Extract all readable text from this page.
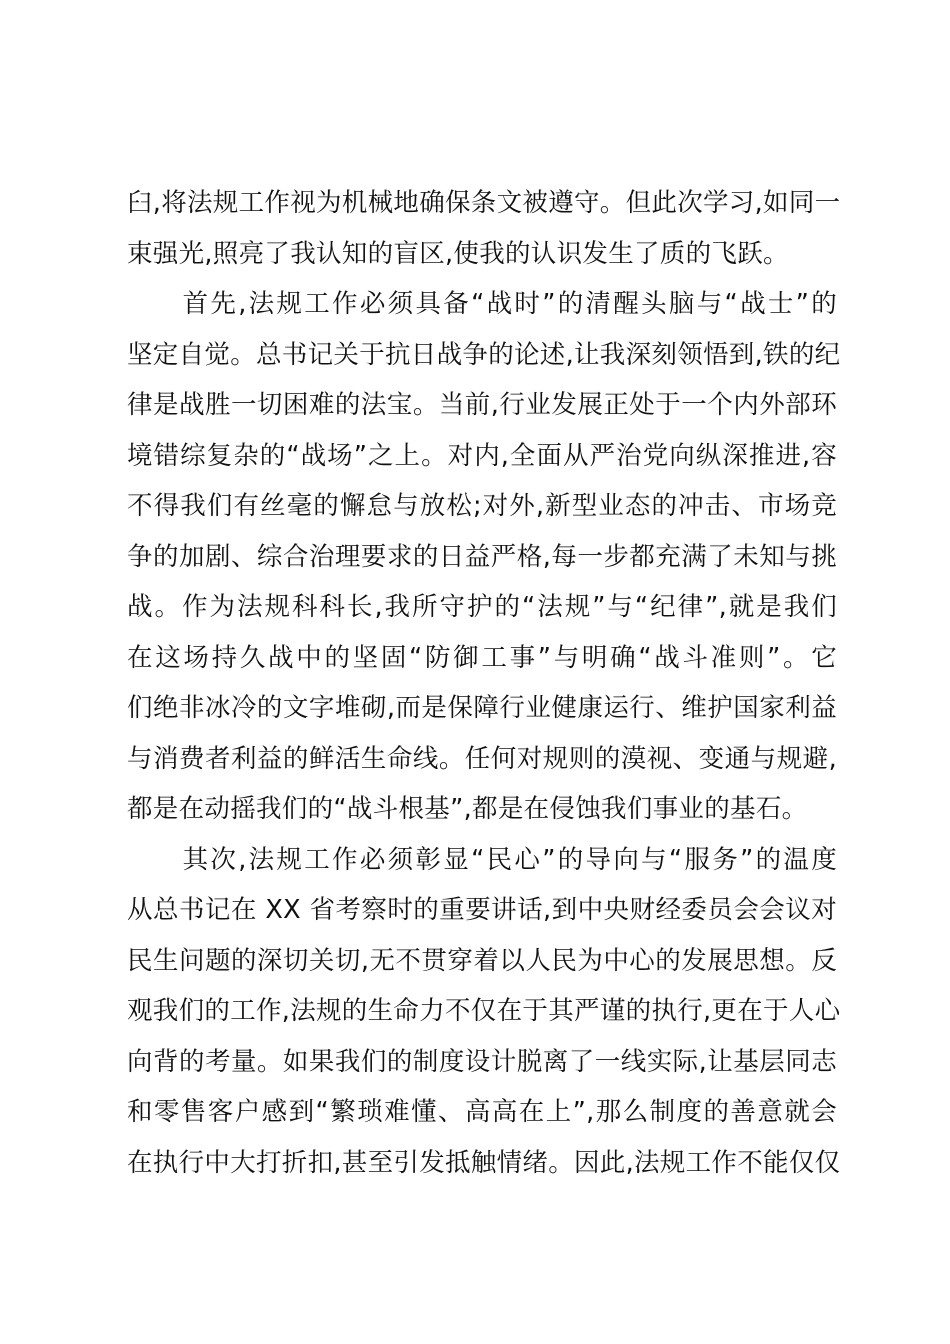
臼,将法规工作视为机械地确保条文被遵守。但此次学习,如同一
束强光,照亮了我认知的盲区,使我的认识发生了质的飞跃。
　　首先,法规工作必须具备“战时”的清醒头脑与“战士”的
坚定自觉。总书记关于抗日战争的论述,让我深刻领悟到,铁的纪
律是战胜一切困难的法宝。当前,行业发展正处于一个内外部环
境错综复杂的“战场”之上。对内,全面从严治党向纵深推进,容
不得我们有丝毫的懈怠与放松;对外,新型业态的冲击、市场竞
争的加剧、综合治理要求的日益严格,每一步都充满了未知与挑
战。作为法规科科长,我所守护的“法规”与“纪律”,就是我们
在这场持久战中的坚固“防御工事”与明确“战斗准则”。它
们绝非冰冷的文字堆砌,而是保障行业健康运行、维护国家利益
与消费者利益的鲜活生命线。任何对规则的漠视、变通与规避,
都是在动摇我们的“战斗根基”,都是在侵蚀我们事业的基石。
　　其次,法规工作必须彰显“民心”的导向与“服务”的温度
从总书记在 XX 省考察时的重要讲话,到中央财经委员会会议对
民生问题的深切关切,无不贯穿着以人民为中心的发展思想。反
观我们的工作,法规的生命力不仅在于其严谨的执行,更在于人心
向背的考量。如果我们的制度设计脱离了一线实际,让基层同志
和零售客户感到“繁琐难懂、高高在上”,那么制度的善意就会
在执行中大打折扣,甚至引发抵触情绪。因此,法规工作不能仅仅
